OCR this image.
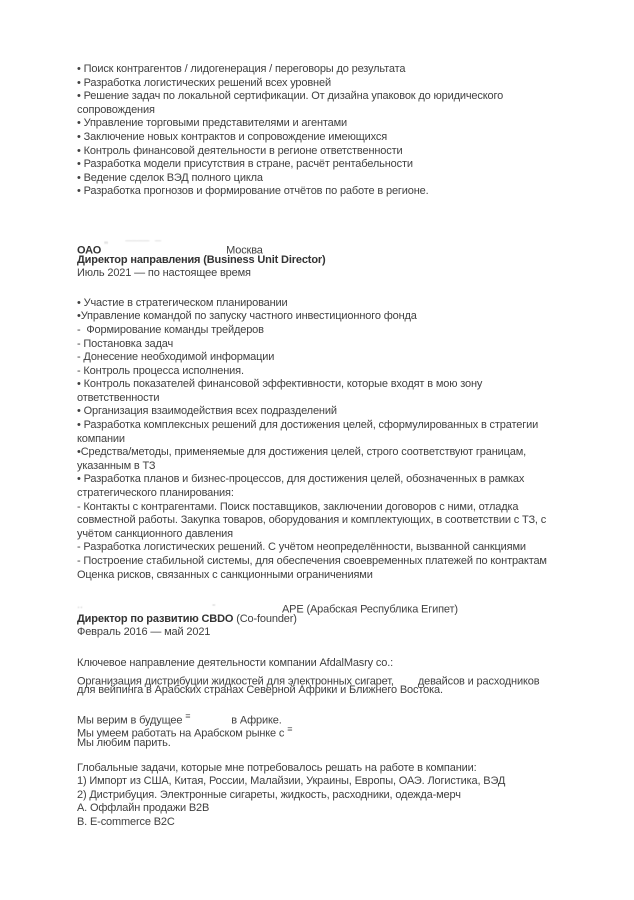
• Поиск контрагентов / лидогенерация / переговоры до результата
• Разработка логистических решений всех уровней
• Решение задач по локальной сертификации. От дизайна упаковок до юридического
сопровождения
• Управление торговыми представителями и агентами
• Заключение новых контрактов и сопровождение имеющихся
• Контроль финансовой деятельности в регионе ответственности
• Разработка модели присутствия в стране, расчёт рентабельности
• Ведение сделок ВЭД полного цикла
• Разработка прогнозов и формирование отчётов по работе в регионе.
ОАО ''      ¯¯¯¯  ¯	Москва
Директор направления (Business Unit Director)
Июль 2021 — по настоящее время
• Участие в стратегическом планировании
•Управление командой по запуску частного инвестиционного фонда
-  Формирование команды трейдеров
- Постановка задач
- Донесение необходимой информации
- Контроль процесса исполнения.
• Контроль показателей финансовой эффективности, которые входят в мою зону
ответственности
• Организация взаимодействия всех подразделений
• Разработка комплексных решений для достижения целей, сформулированных в стратегии
компании
•Средства/методы, применяемые для достижения целей, строго соответствуют границам,
указанным в ТЗ
• Разработка планов и бизнес-процессов, для достижения целей, обозначенных в рамках
стратегического планирования:
- Контакты с контрагентами. Поиск поставщиков, заключении договоров с ними, отладка
совместной работы. Закупка товаров, оборудования и комплектующих, в соответствии с ТЗ, с
учётом санкционного давления
- Разработка логистических решений. С учётом неопределённости, вызванной санкциями
- Построение стабильной системы, для обеспечения своевременных платежей по контрактам
Оценка рисков, связанных с санкционными ограничениями
..	-	АРЕ (Арабская Республика Египет)
Директор по развитию CBDO (Co-founder)
Февраль 2016 — май 2021
Ключевое направление деятельности компании AfdalMasry co.:
Организация дистрибуции жидкостей для электронных сигарет, девайсов и расходников
для вейпинга в Арабских странах Северной Африки и Ближнего Востока.
Мы верим в будущее ≡	в Африке.
Мы умеем работать на Арабском рынке с ≡
Мы любим парить.
Глобальные задачи, которые мне потребовалось решать на работе в компании:
1) Импорт из США, Китая, России, Малайзии, Украины, Европы, ОАЭ. Логистика, ВЭД
2) Дистрибуция. Электронные сигареты, жидкость, расходники, одежда-мерч
А. Оффлайн продажи B2B
В. E-commerce B2C
